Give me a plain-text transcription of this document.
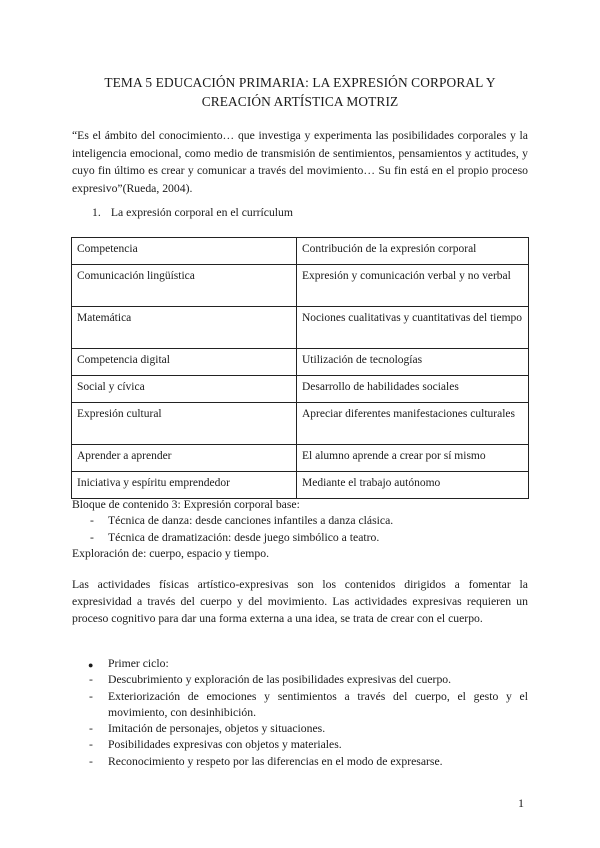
TEMA 5 EDUCACIÓN PRIMARIA: LA EXPRESIÓN CORPORAL Y
CREACIÓN ARTÍSTICA MOTRIZ
“Es el ámbito del conocimiento… que investiga y experimenta las posibilidades corporales y la inteligencia emocional, como medio de transmisión de sentimientos, pensamientos y actitudes, y cuyo fin último es crear y comunicar a través del movimiento… Su fin está en el propio proceso expresivo”(Rueda, 2004).
1. La expresión corporal en el currículum
Competencia	Contribución de la expresión corporal
Comunicación lingüística	Expresión y comunicación verbal y no verbal
Matemática	Nociones cualitativas y cuantitativas del tiempo
Competencia digital	Utilización de tecnologías
Social y cívica	Desarrollo de habilidades sociales
Expresión cultural	Apreciar diferentes manifestaciones culturales
Aprender a aprender	El alumno aprende a crear por sí mismo
Iniciativa y espíritu emprendedor	Mediante el trabajo autónomo
Bloque de contenido 3: Expresión corporal base:
-	Técnica de danza: desde canciones infantiles a danza clásica.
-	Técnica de dramatización: desde juego simbólico a teatro.
Exploración de: cuerpo, espacio y tiempo.
Las actividades físicas artístico-expresivas son los contenidos dirigidos a fomentar la expresividad a través del cuerpo y del movimiento. Las actividades expresivas requieren un proceso cognitivo para dar una forma externa a una idea, se trata de crear con el cuerpo.
● Primer ciclo:
- Descubrimiento y exploración de las posibilidades expresivas del cuerpo.
- Exteriorización de emociones y sentimientos a través del cuerpo, el gesto y el movimiento, con desinhibición.
- Imitación de personajes, objetos y situaciones.
- Posibilidades expresivas con objetos y materiales.
- Reconocimiento y respeto por las diferencias en el modo de expresarse.
1
